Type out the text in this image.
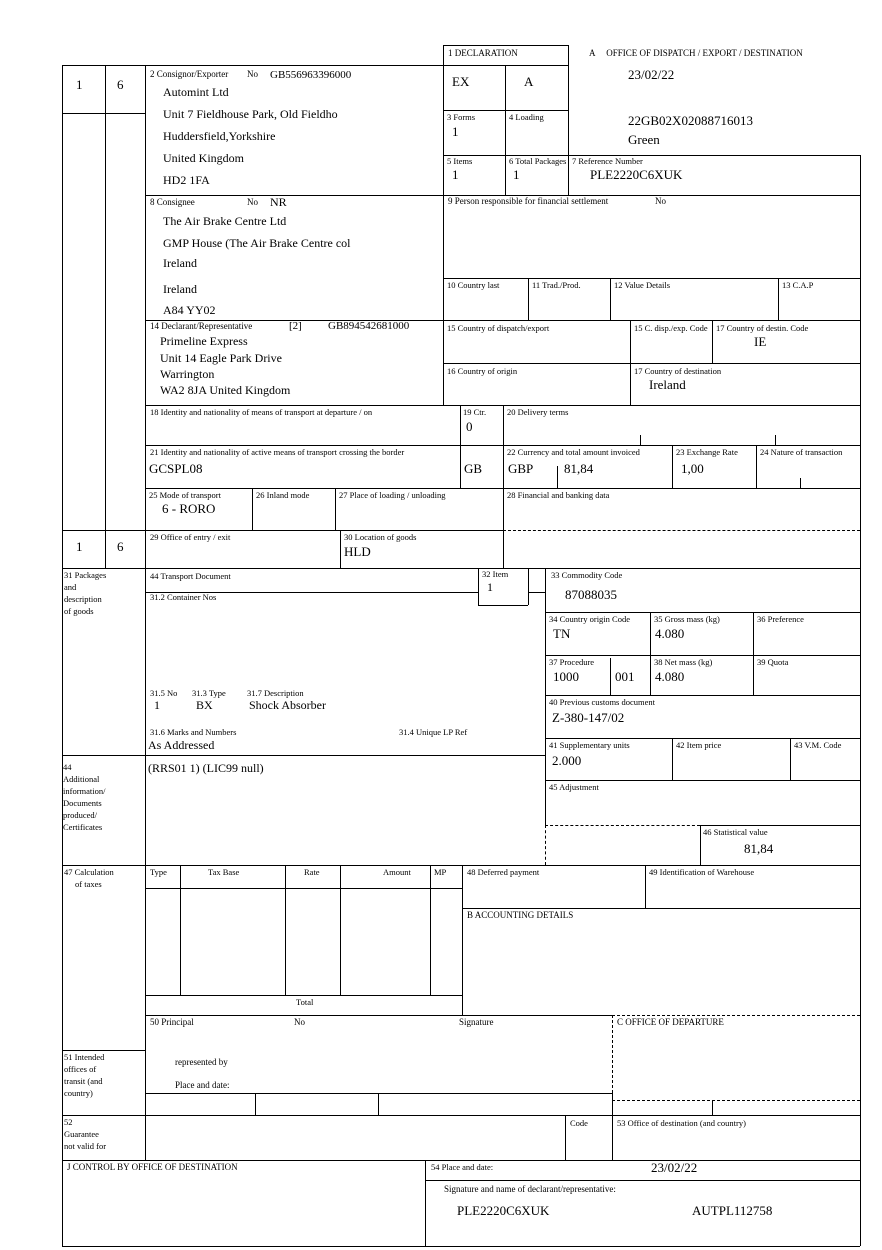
1	6
1	6
1 DECLARATION
EX	A
A     OFFICE OF DISPATCH / EXPORT / DESTINATION
23/02/22
22GB02X02088716013
Green
2 Consignor/Exporter No GB556963396000
Automint Ltd
Unit 7 Fieldhouse Park, Old Fieldho
Huddersfield,Yorkshire
United Kingdom
HD2 1FA
3 Forms
1
4 Loading
5 Items
1
6 Total Packages
1
7 Reference Number
PLE2220C6XUK
8 Consignee	No NR
The Air Brake Centre Ltd
GMP House (The Air Brake Centre col
Ireland
Ireland
A84 YY02
9 Person responsible for financial settlement	No
10 Country last	11 Trad./Prod.	12 Value Details	13 C.A.P
14 Declarant/Representative	[2] GB894542681000
Primeline Express
Unit 14 Eagle Park Drive
Warrington
WA2 8JA United Kingdom
15 Country of dispatch/export	15 C. disp./exp. Code 17 Country of destin. Code
IE
16 Country of origin	17 Country of destination
Ireland
18 Identity and nationality of means of transport at departure / on	19 Ctr.
0
20 Delivery terms
21 Identity and nationality of active means of transport crossing the border
GCSPL08	GB
22 Currency and total amount invoiced
GBP 81,84
23 Exchange Rate
1,00
24 Nature of transaction
25 Mode of transport
6 - RORO
26 Inland mode	27 Place of loading / unloading	28 Financial and banking data
29 Office of entry / exit	30 Location of goods
HLD
31 Packages
and
description
of goods
44 Transport Document
31.2 Container Nos
32 Item
1
33 Commodity Code
87088035
34 Country origin Code
TN
35 Gross mass (kg)
4.080
36 Preference
37 Procedure
1000	001
38 Net mass (kg)
4.080
39 Quota
31.5 No
1
31.3 Type
BX
31.7 Description
Shock Absorber	40 Previous customs document
Z-380-147/02
31.6 Marks and Numbers
As Addressed
31.4 Unique LP Ref
41 Supplementary units
2.000
42 Item price	43 V.M. Code
44
Additional
information/
Documents
produced/
Certificates
(RRS01 1) (LIC99 null)
45 Adjustment
46 Statistical value
81,84
47 Calculation
of taxes
Type	Tax Base	Rate	Amount	MP
Total
48 Deferred payment	49 Identification of Warehouse
B ACCOUNTING DETAILS
50 Principal	No	Signature	C OFFICE OF DEPARTURE
represented by
Place and date:
51 Intended
offices of
transit (and
country)
52
Guarantee
not valid for
Code	53 Office of destination (and country)
J CONTROL BY OFFICE OF DESTINATION	54 Place and date:	23/02/22
Signature and name of declarant/representative:
PLE2220C6XUK	AUTPL112758
